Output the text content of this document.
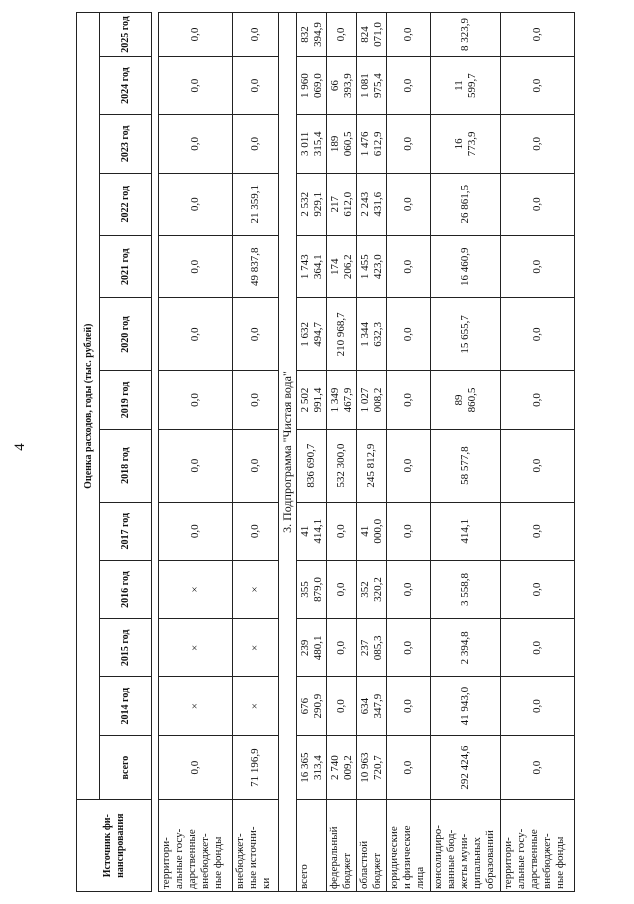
4
Источник фи-
нансирования	Оценка расходов, годы (тыс. рублей)												
	всего	2014 год	2015 год	2016 год	2017 год	2018 год	2019 год	2020 год	2021 год	2022 год	2023 год	2024 год	2025 год

территори-
альные госу-
дарственные
внебюджет-
ные фонды	0,0	×	×	×	0,0	0,0	0,0	0,0	0,0	0,0	0,0	0,0	0,0
внебюджет-
ные источни-
ки	71 196,9	×	×	×	0,0	0,0	0,0	0,0	49 837,8	21 359,1	0,0	0,0	0,0
3. Подпрограмма "Чистая вода"													
всего	16 365
313,4	676
290,9	239
480,1	355
879,0	41
414,1	836 690,7	2 502
991,4	1 632
494,7	1 743
364,1	2 532
929,1	3 011
315,4	1 960
069,0	832
394,9
федеральный
бюджет	2 740
009,2	0,0	0,0	0,0	0,0	532 300,0	1 349
467,9	210 968,7	174
206,2	217
612,0	189
060,5	66
393,9	0,0
областной
бюджет	10 963
720,7	634
347,9	237
085,3	352
320,2	41
000,0	245 812,9	1 027
008,2	1 344
632,3	1 455
423,0	2 243
431,6	1 476
612,9	1 081
975,4	824
071,0
юридические
и физические
лица	0,0	0,0	0,0	0,0	0,0	0,0	0,0	0,0	0,0	0,0	0,0	0,0	0,0
консолидиро-
ванные бюд-
жеты муни-
ципальных
образований	292 424,6	41 943,0	2 394,8	3 558,8	414,1	58 577,8	89
860,5	15 655,7	16 460,9	26 861,5	16
773,9	11
599,7	8 323,9
территори-
альные госу-
дарственные
внебюджет-
ные фонды	0,0	0,0	0,0	0,0	0,0	0,0	0,0	0,0	0,0	0,0	0,0	0,0	0,0
